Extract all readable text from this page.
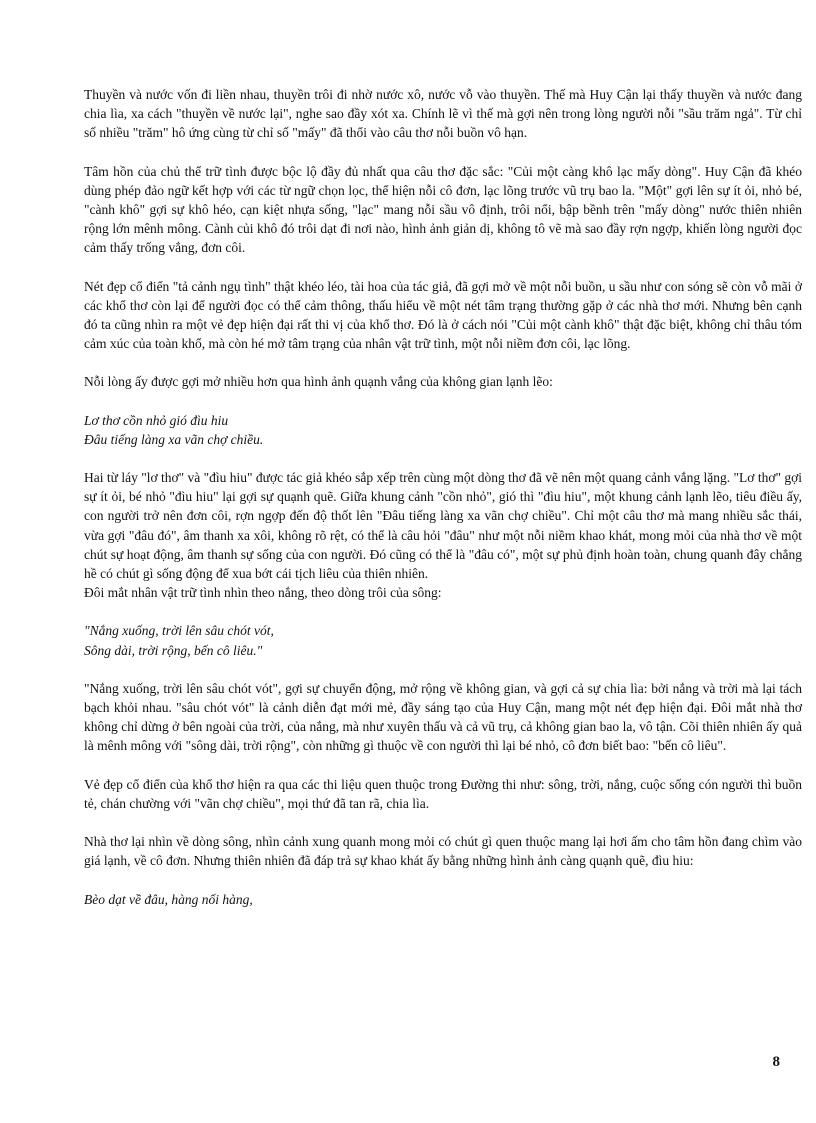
Thuyền và nước vốn đi liền nhau, thuyền trôi đi nhờ nước xô, nước vỗ vào thuyền. Thế mà Huy Cận lại thấy thuyền và nước đang chia lìa, xa cách "thuyền về nước lại", nghe sao đầy xót xa. Chính lẽ vì thế mà gợi nên trong lòng người nỗi "sầu trăm ngả". Từ chỉ số nhiều "trăm" hô ứng cùng từ chỉ số "mấy" đã thổi vào câu thơ nỗi buồn vô hạn.

Tâm hồn của chủ thể trữ tình được bộc lộ đầy đủ nhất qua câu thơ đặc sắc: "Củi một càng khô lạc mấy dòng". Huy Cận đã khéo dùng phép đảo ngữ kết hợp với các từ ngữ chọn lọc, thể hiện nỗi cô đơn, lạc lõng trước vũ trụ bao la. "Một" gợi lên sự ít ỏi, nhỏ bé, "cành khô" gợi sự khô héo, cạn kiệt nhựa sống, "lạc" mang nỗi sầu vô định, trôi nổi, bập bềnh trên "mấy dòng" nước thiên nhiên rộng lớn mênh mông. Cành củi khô đó trôi dạt đi nơi nào, hình ảnh giản dị, không tô vẽ mà sao đầy rợn ngợp, khiến lòng người đọc cảm thấy trống vắng, đơn côi.

Nét đẹp cổ điển "tả cảnh ngụ tình" thật khéo léo, tài hoa của tác giả, đã gợi mở về một nỗi buồn, u sầu như con sóng sẽ còn vỗ mãi ở các khổ thơ còn lại để người đọc có thể cảm thông, thấu hiểu về một nét tâm trạng thường gặp ở các nhà thơ mới. Nhưng bên cạnh đó ta cũng nhìn ra một vẻ đẹp hiện đại rất thi vị của khổ thơ. Đó là ở cách nói "Củi một cành khô" thật đặc biệt, không chỉ thâu tóm cảm xúc của toàn khổ, mà còn hé mở tâm trạng của nhân vật trữ tình, một nỗi niềm đơn côi, lạc lõng.

Nỗi lòng ấy được gợi mở nhiều hơn qua hình ảnh quạnh vắng của không gian lạnh lẽo:

Lơ thơ cồn nhỏ gió đìu hiu
Đâu tiếng làng xa vãn chợ chiều.

Hai từ láy "lơ thơ" và "đìu hiu" được tác giả khéo sắp xếp trên cùng một dòng thơ đã vẽ nên một quang cảnh vắng lặng. "Lơ thơ" gợi sự ít ỏi, bé nhỏ "đìu hiu" lại gợi sự quạnh quẽ. Giữa khung cảnh "cồn nhỏ", gió thì "đìu hiu", một khung cảnh lạnh lẽo, tiêu điều ấy, con người trở nên đơn côi, rợn ngợp đến độ thốt lên "Đâu tiếng làng xa vãn chợ chiều". Chỉ một câu thơ mà mang nhiều sắc thái, vừa gợi "đâu đó", âm thanh xa xôi, không rõ rệt, có thể là câu hỏi "đâu" như một nỗi niềm khao khát, mong mỏi của nhà thơ về một chút sự hoạt động, âm thanh sự sống của con người. Đó cũng có thể là "đâu có", một sự phủ định hoàn toàn, chung quanh đây chẳng hề có chút gì sống động để xua bớt cái tịch liêu của thiên nhiên.

Đôi mắt nhân vật trữ tình nhìn theo nắng, theo dòng trôi của sông:

"Nắng xuống, trời lên sâu chót vót,
Sông dài, trời rộng, bến cô liêu."

"Nắng xuống, trời lên sâu chót vót", gợi sự chuyển động, mở rộng về không gian, và gợi cả sự chia lìa: bởi nắng và trời mà lại tách bạch khỏi nhau. "sâu chót vót" là cảnh diễn đạt mới mẻ, đầy sáng tạo của Huy Cận, mang một nét đẹp hiện đại. Đôi mắt nhà thơ không chỉ dừng ở bên ngoài của trời, của nắng, mà như xuyên thấu và cả vũ trụ, cả không gian bao la, vô tận. Cõi thiên nhiên ấy quả là mênh mông với "sông dài, trời rộng", còn những gì thuộc về con người thì lại bé nhỏ, cô đơn biết bao: "bến cô liêu".

Vẻ đẹp cổ điển của khổ thơ hiện ra qua các thi liệu quen thuộc trong Đường thi như: sông, trời, nắng, cuộc sống cón người thì buồn tẻ, chán chường với "vãn chợ chiều", mọi thứ đã tan rã, chia lìa.

Nhà thơ lại nhìn về dòng sông, nhìn cảnh xung quanh mong mỏi có chút gì quen thuộc mang lại hơi ấm cho tâm hồn đang chìm vào giá lạnh, về cô đơn. Nhưng thiên nhiên đã đáp trả sự khao khát ấy bằng những hình ảnh càng quạnh quẽ, đìu hiu:

Bèo dạt về đâu, hàng nối hàng,
8
